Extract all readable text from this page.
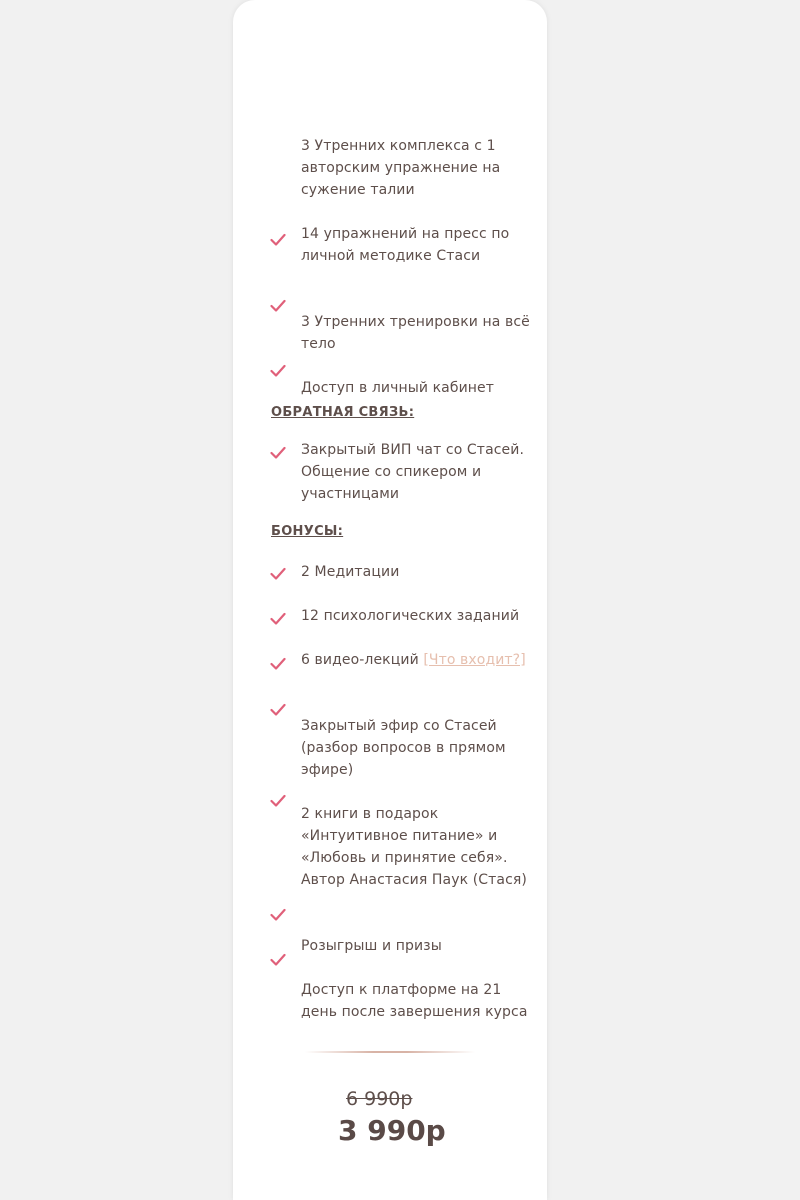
3 Утренних комплекса с 1 авторским упражнение на сужение талии
14 упражнений на пресс по личной методике Стаси
3 Утренних тренировки на всё тело
Доступ в личный кабинет
ОБРАТНАЯ СВЯЗЬ:
Закрытый ВИП чат со Стасей. Общение со спикером и участницами
БОНУСЫ:
2 Медитации
12 психологических заданий
6 видео-лекций [Что входит?]
Закрытый эфир со Стасей (разбор вопросов в прямом эфире)
2 книги в подарок «Интуитивное питание» и «Любовь и принятие себя». Автор Анастасия Паук (Стася)
Розыгрыш и призы
Доступ к платформе на 21 день после завершения курса
6 990р
3 990р
